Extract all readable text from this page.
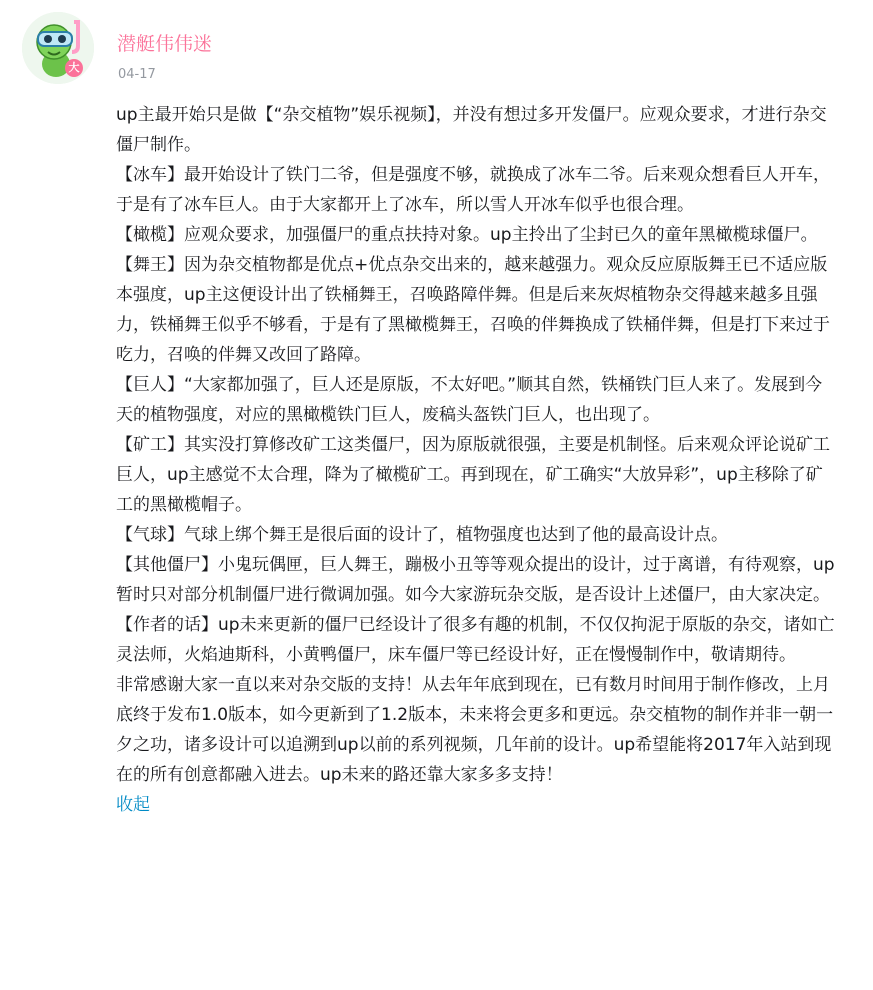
大
潜艇伟伟迷
04-17

up主最开始只是做【“杂交植物”娱乐视频】，并没有想过多开发僵尸。应观众要求，才进行杂交僵尸制作。

【冰车】最开始设计了铁门二爷，但是强度不够，就换成了冰车二爷。后来观众想看巨人开车，于是有了冰车巨人。由于大家都开上了冰车，所以雪人开冰车似乎也很合理。

【橄榄】应观众要求，加强僵尸的重点扶持对象。up主拎出了尘封已久的童年黑橄榄球僵尸。

【舞王】因为杂交植物都是优点+优点杂交出来的，越来越强力。观众反应原版舞王已不适应版本强度，up主这便设计出了铁桶舞王，召唤路障伴舞。但是后来灰烬植物杂交得越来越多且强力，铁桶舞王似乎不够看，于是有了黑橄榄舞王，召唤的伴舞换成了铁桶伴舞，但是打下来过于吃力，召唤的伴舞又改回了路障。

【巨人】“大家都加强了，巨人还是原版，不太好吧。”顺其自然，铁桶铁门巨人来了。发展到今天的植物强度，对应的黑橄榄铁门巨人，废稿头盔铁门巨人，也出现了。

【矿工】其实没打算修改矿工这类僵尸，因为原版就很强，主要是机制怪。后来观众评论说矿工巨人，up主感觉不太合理，降为了橄榄矿工。再到现在，矿工确实“大放异彩”，up主移除了矿工的黑橄榄帽子。

【气球】气球上绑个舞王是很后面的设计了，植物强度也达到了他的最高设计点。

【其他僵尸】小鬼玩偶匣，巨人舞王，蹦极小丑等等观众提出的设计，过于离谱，有待观察，up暂时只对部分机制僵尸进行微调加强。如今大家游玩杂交版，是否设计上述僵尸，由大家决定。

【作者的话】up未来更新的僵尸已经设计了很多有趣的机制，不仅仅拘泥于原版的杂交，诸如亡灵法师，火焰迪斯科，小黄鸭僵尸，床车僵尸等已经设计好，正在慢慢制作中，敬请期待。

非常感谢大家一直以来对杂交版的支持！从去年年底到现在，已有数月时间用于制作修改，上月底终于发布1.0版本，如今更新到了1.2版本，未来将会更多和更远。杂交植物的制作并非一朝一夕之功，诸多设计可以追溯到up以前的系列视频，几年前的设计。up希望能将2017年入站到现在的所有创意都融入进去。up未来的路还靠大家多多支持！

收起
